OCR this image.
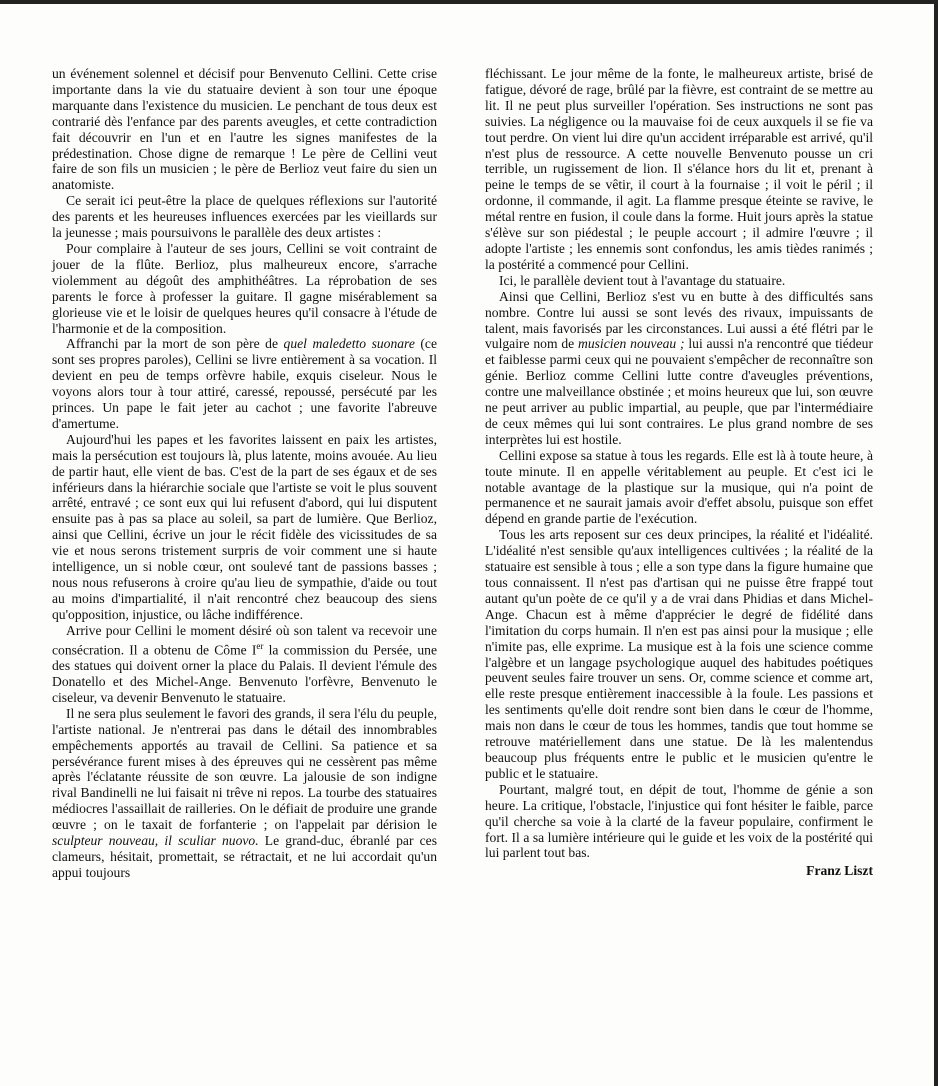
un événement solennel et décisif pour Benvenuto Cellini. Cette crise importante dans la vie du statuaire devient à son tour une époque marquante dans l'existence du musicien. Le penchant de tous deux est contrarié dès l'enfance par des parents aveugles, et cette contradiction fait découvrir en l'un et en l'autre les signes manifestes de la prédestination. Chose digne de remarque ! Le père de Cellini veut faire de son fils un musicien ; le père de Berlioz veut faire du sien un anatomiste.

Ce serait ici peut-être la place de quelques réflexions sur l'autorité des parents et les heureuses influences exercées par les vieillards sur la jeunesse ; mais poursuivons le parallèle des deux artistes :

Pour complaire à l'auteur de ses jours, Cellini se voit contraint de jouer de la flûte. Berlioz, plus malheureux encore, s'arrache violemment au dégoût des amphithéâtres. La réprobation de ses parents le force à professer la guitare. Il gagne misérablement sa glorieuse vie et le loisir de quelques heures qu'il consacre à l'étude de l'harmonie et de la composition.

Affranchi par la mort de son père de quel maledetto suonare (ce sont ses propres paroles), Cellini se livre entièrement à sa vocation. Il devient en peu de temps orfèvre habile, exquis ciseleur. Nous le voyons alors tour à tour attiré, caressé, repoussé, persécuté par les princes. Un pape le fait jeter au cachot ; une favorite l'abreuve d'amertume.

Aujourd'hui les papes et les favorites laissent en paix les artistes, mais la persécution est toujours là, plus latente, moins avouée. Au lieu de partir haut, elle vient de bas. C'est de la part de ses égaux et de ses inférieurs dans la hiérarchie sociale que l'artiste se voit le plus souvent arrêté, entravé ; ce sont eux qui lui refusent d'abord, qui lui disputent ensuite pas à pas sa place au soleil, sa part de lumière. Que Berlioz, ainsi que Cellini, écrive un jour le récit fidèle des vicissitudes de sa vie et nous serons tristement surpris de voir comment une si haute intelligence, un si noble cœur, ont soulevé tant de passions basses ; nous nous refuserons à croire qu'au lieu de sympathie, d'aide ou tout au moins d'impartialité, il n'ait rencontré chez beaucoup des siens qu'opposition, injustice, ou lâche indifférence.

Arrive pour Cellini le moment désiré où son talent va recevoir une consécration. Il a obtenu de Côme Ier la commission du Persée, une des statues qui doivent orner la place du Palais. Il devient l'émule des Donatello et des Michel-Ange. Benvenuto l'orfèvre, Benvenuto le ciseleur, va devenir Benvenuto le statuaire.

Il ne sera plus seulement le favori des grands, il sera l'élu du peuple, l'artiste national. Je n'entrerai pas dans le détail des innombrables empêchements apportés au travail de Cellini. Sa patience et sa persévérance furent mises à des épreuves qui ne cessèrent pas même après l'éclatante réussite de son œuvre. La jalousie de son indigne rival Bandinelli ne lui faisait ni trêve ni repos. La tourbe des statuaires médiocres l'assaillait de railleries. On le défiait de produire une grande œuvre ; on le taxait de forfanterie ; on l'appelait par dérision le sculpteur nouveau, il sculiar nuovo. Le grand-duc, ébranlé par ces clameurs, hésitait, promettait, se rétractait, et ne lui accordait qu'un appui toujours

fléchissant. Le jour même de la fonte, le malheureux artiste, brisé de fatigue, dévoré de rage, brûlé par la fièvre, est contraint de se mettre au lit. Il ne peut plus surveiller l'opération. Ses instructions ne sont pas suivies. La négligence ou la mauvaise foi de ceux auxquels il se fie va tout perdre. On vient lui dire qu'un accident irréparable est arrivé, qu'il n'est plus de ressource. A cette nouvelle Benvenuto pousse un cri terrible, un rugissement de lion. Il s'élance hors du lit et, prenant à peine le temps de se vêtir, il court à la fournaise ; il voit le péril ; il ordonne, il commande, il agit. La flamme presque éteinte se ravive, le métal rentre en fusion, il coule dans la forme. Huit jours après la statue s'élève sur son piédestal ; le peuple accourt ; il admire l'œuvre ; il adopte l'artiste ; les ennemis sont confondus, les amis tièdes ranimés ; la postérité a commencé pour Cellini.

Ici, le parallèle devient tout à l'avantage du statuaire.

Ainsi que Cellini, Berlioz s'est vu en butte à des difficultés sans nombre. Contre lui aussi se sont levés des rivaux, impuissants de talent, mais favorisés par les circonstances. Lui aussi a été flétri par le vulgaire nom de musicien nouveau ; lui aussi n'a rencontré que tiédeur et faiblesse parmi ceux qui ne pouvaient s'empêcher de reconnaître son génie. Berlioz comme Cellini lutte contre d'aveugles préventions, contre une malveillance obstinée ; et moins heureux que lui, son œuvre ne peut arriver au public impartial, au peuple, que par l'intermédiaire de ceux mêmes qui lui sont contraires. Le plus grand nombre de ses interprètes lui est hostile.

Cellini expose sa statue à tous les regards. Elle est là à toute heure, à toute minute. Il en appelle véritablement au peuple. Et c'est ici le notable avantage de la plastique sur la musique, qui n'a point de permanence et ne saurait jamais avoir d'effet absolu, puisque son effet dépend en grande partie de l'exécution.

Tous les arts reposent sur ces deux principes, la réalité et l'idéalité. L'idéalité n'est sensible qu'aux intelligences cultivées ; la réalité de la statuaire est sensible à tous ; elle a son type dans la figure humaine que tous connaissent. Il n'est pas d'artisan qui ne puisse être frappé tout autant qu'un poète de ce qu'il y a de vrai dans Phidias et dans Michel-Ange. Chacun est à même d'apprécier le degré de fidélité dans l'imitation du corps humain. Il n'en est pas ainsi pour la musique ; elle n'imite pas, elle exprime. La musique est à la fois une science comme l'algèbre et un langage psychologique auquel des habitudes poétiques peuvent seules faire trouver un sens. Or, comme science et comme art, elle reste presque entièrement inaccessible à la foule. Les passions et les sentiments qu'elle doit rendre sont bien dans le cœur de l'homme, mais non dans le cœur de tous les hommes, tandis que tout homme se retrouve matériellement dans une statue. De là les malentendus beaucoup plus fréquents entre le public et le musicien qu'entre le public et le statuaire.

Pourtant, malgré tout, en dépit de tout, l'homme de génie a son heure. La critique, l'obstacle, l'injustice qui font hésiter le faible, parce qu'il cherche sa voie à la clarté de la faveur populaire, confirment le fort. Il a sa lumière intérieure qui le guide et les voix de la postérité qui lui parlent tout bas.

Franz Liszt
